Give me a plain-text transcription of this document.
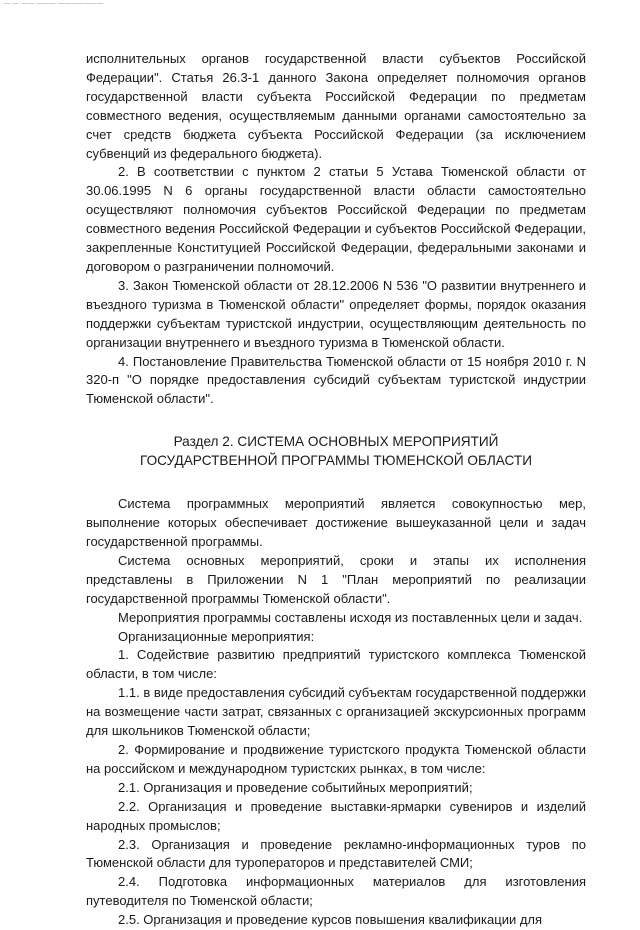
— — —— ——— ———————

исполнительных органов государственной власти субъектов Российской Федерации". Статья 26.3-1 данного Закона определяет полномочия органов государственной власти субъекта Российской Федерации по предметам совместного ведения, осуществляемым данными органами самостоятельно за счет средств бюджета субъекта Российской Федерации (за исключением субвенций из федерального бюджета).

2. В соответствии с пунктом 2 статьи 5 Устава Тюменской области от 30.06.1995 N 6 органы государственной власти области самостоятельно осуществляют полномочия субъектов Российской Федерации по предметам совместного ведения Российской Федерации и субъектов Российской Федерации, закрепленные Конституцией Российской Федерации, федеральными законами и договором о разграничении полномочий.

3. Закон Тюменской области от 28.12.2006 N 536 "О развитии внутреннего и въездного туризма в Тюменской области" определяет формы, порядок оказания поддержки субъектам туристской индустрии, осуществляющим деятельность по организации внутреннего и въездного туризма в Тюменской области.

4. Постановление Правительства Тюменской области от 15 ноября 2010 г. N 320-п "О порядке предоставления субсидий субъектам туристской индустрии Тюменской области".

Раздел 2. СИСТЕМА ОСНОВНЫХ МЕРОПРИЯТИЙ
ГОСУДАРСТВЕННОЙ ПРОГРАММЫ ТЮМЕНСКОЙ ОБЛАСТИ

Система программных мероприятий является совокупностью мер, выполнение которых обеспечивает достижение вышеуказанной цели и задач государственной программы.

Система основных мероприятий, сроки и этапы их исполнения представлены в Приложении N 1 "План мероприятий по реализации государственной программы Тюменской области".

Мероприятия программы составлены исходя из поставленных цели и задач.

Организационные мероприятия:

1. Содействие развитию предприятий туристского комплекса Тюменской области, в том числе:

1.1. в виде предоставления субсидий субъектам государственной поддержки на возмещение части затрат, связанных с организацией экскурсионных программ для школьников Тюменской области;

2. Формирование и продвижение туристского продукта Тюменской области на российском и международном туристских рынках, в том числе:

2.1. Организация и проведение событийных мероприятий;

2.2. Организация и проведение выставки-ярмарки сувениров и изделий народных промыслов;

2.3. Организация и проведение рекламно-информационных туров по Тюменской области для туроператоров и представителей СМИ;

2.4. Подготовка информационных материалов для изготовления путеводителя по Тюменской области;

2.5. Организация и проведение курсов повышения квалификации для
